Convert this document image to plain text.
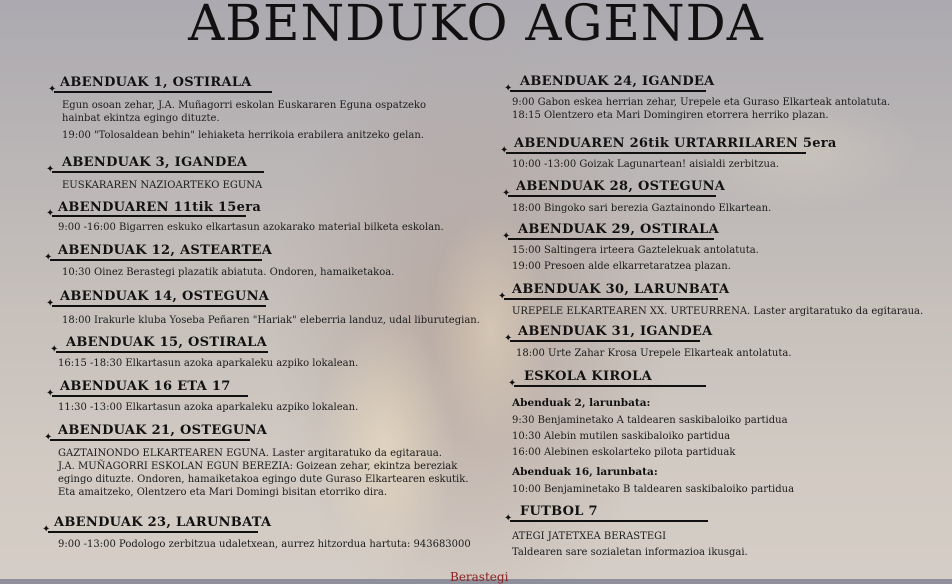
ABENDUKO AGENDA
ABENDUAK 1, OSTIRALA
✦
Egun osoan zehar, J.A. Muñagorri eskolan Euskararen Eguna ospatzeko
hainbat ekintza egingo dituzte.
19:00 "Tolosaldean behin" lehiaketa herrikoia erabilera anitzeko gelan.
ABENDUAK 3, IGANDEA
✦
EUSKARAREN NAZIOARTEKO EGUNA
ABENDUAREN 11tik 15era
✦
9:00 -16:00 Bigarren eskuko elkartasun azokarako material bilketa eskolan.
ABENDUAK 12, ASTEARTEA
✦
10:30 Oinez Berastegi plazatik abiatuta. Ondoren, hamaiketakoa.
ABENDUAK 14, OSTEGUNA
✦
18:00 Irakurle kluba Yoseba Peñaren "Hariak" eleberria landuz, udal liburutegian.
ABENDUAK 15, OSTIRALA
✦
16:15 -18:30 Elkartasun azoka aparkaleku azpiko lokalean.
ABENDUAK 16 ETA 17
✦
11:30 -13:00 Elkartasun azoka aparkaleku azpiko lokalean.
ABENDUAK 21, OSTEGUNA
✦
GAZTAINONDO ELKARTEAREN EGUNA. Laster argitaratuko da egitaraua.
J.A. MUÑAGORRI ESKOLAN EGUN BEREZIA: Goizean zehar, ekintza bereziak
egingo dituzte. Ondoren, hamaiketakoa egingo dute Guraso Elkartearen eskutik.
Eta amaitzeko, Olentzero eta Mari Domingi bisitan etorriko dira.
ABENDUAK 23, LARUNBATA
✦
9:00 -13:00 Podologo zerbitzua udaletxean, aurrez hitzordua hartuta: 943683000
ABENDUAK 24, IGANDEA
✦
9:00 Gabon eskea herrian zehar, Urepele eta Guraso Elkarteak antolatuta.
18:15 Olentzero eta Mari Domingiren etorrera herriko plazan.
ABENDUAREN 26tik URTARRILAREN 5era
✦
10:00 -13:00 Goizak Lagunartean! aisialdi zerbitzua.
ABENDUAK 28, OSTEGUNA
✦
18:00 Bingoko sari berezia Gaztainondo Elkartean.
ABENDUAK 29, OSTIRALA
✦
15:00 Saltingera irteera Gaztelekuak antolatuta.
19:00 Presoen alde elkarretaratzea plazan.
ABENDUAK 30, LARUNBATA
✦
UREPELE ELKARTEAREN XX. URTEURRENA. Laster argitaratuko da egitaraua.
ABENDUAK 31, IGANDEA
✦
18:00 Urte Zahar Krosa Urepele Elkarteak antolatuta.
ESKOLA KIROLA
✦
Abenduak 2, larunbata:
9:30 Benjaminetako A taldearen saskibaloiko partidua
10:30 Alebin mutilen saskibaloiko partidua
16:00 Alebinen eskolarteko pilota partiduak
Abenduak 16, larunbata:
10:00 Benjaminetako B taldearen saskibaloiko partidua
FUTBOL 7
✦
ATEGI JATETXEA BERASTEGI
Taldearen sare sozialetan informazioa ikusgai.
Berastegi
